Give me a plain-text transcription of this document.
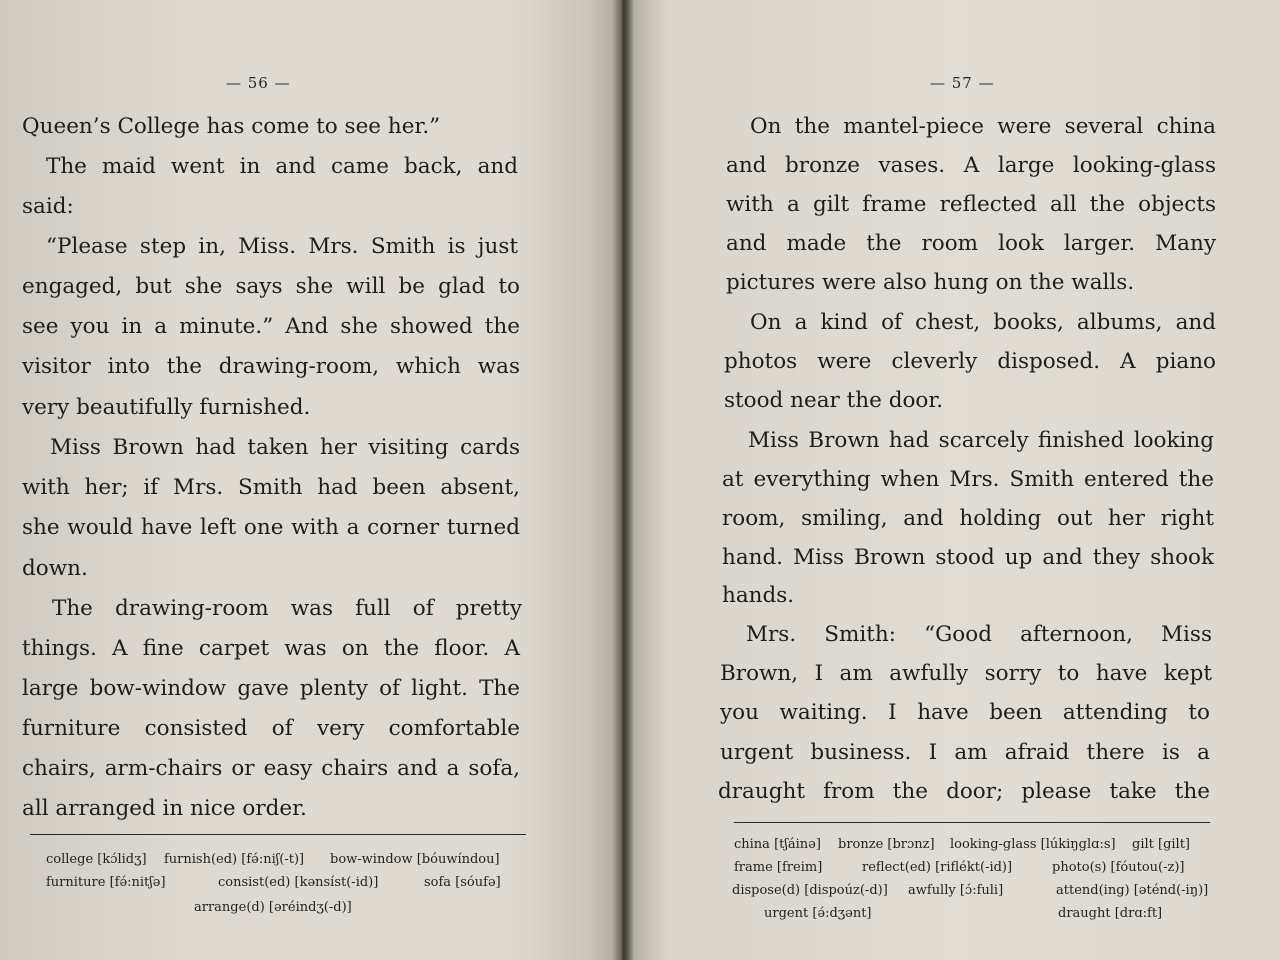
— 56 —
Queen’s College has come to see her.”
The maid went in and came back, and
said:
“Please step in, Miss. Mrs. Smith is just
engaged, but she says she will be glad to
see you in a minute.” And she showed the
visitor into the drawing-room, which was
very beautifully furnished.
Miss Brown had taken her visiting cards
with her; if Mrs. Smith had been absent,
she would have left one with a corner turned
down.
The drawing-room was full of pretty
things. A fine carpet was on the floor. A
large bow-window gave plenty of light. The
furniture consisted of very comfortable
chairs, arm-chairs or easy chairs and a sofa,
all arranged in nice order.
college [kɔ́lidʒ] furnish(ed) [fə́:niʃ(-t)] bow-window [bóuwíndou]
furniture [fə́:nitʃə]	consist(ed) [kənsíst(-id)]	sofa [sóufə]
arrange(d) [əréindʒ(-d)]
— 57 —
On the mantel-piece were several china
and bronze vases. A large looking-glass
with a gilt frame reflected all the objects
and made the room look larger. Many
pictures were also hung on the walls.
On a kind of chest, books, albums, and
photos were cleverly disposed. A piano
stood near the door.
Miss Brown had scarcely finished looking
at everything when Mrs. Smith entered the
room, smiling, and holding out her right
hand. Miss Brown stood up and they shook
hands.
Mrs. Smith: “Good afternoon, Miss
Brown, I am awfully sorry to have kept
you waiting. I have been attending to
urgent business. I am afraid there is a
draught from the door; please take the
china [tʃáinə] bronze [brɔnz] looking-glass [lúkiŋglɑ:s] gilt [gilt]
frame [freim]	reflect(ed) [riflékt(-id)]	photo(s) [fóutou(-z)]
dispose(d) [dispoúz(-d)] awfully [ɔ́:fuli]	attend(ing) [əténd(-iŋ)]
urgent [ə́:dʒənt]	draught [drɑ:ft]
